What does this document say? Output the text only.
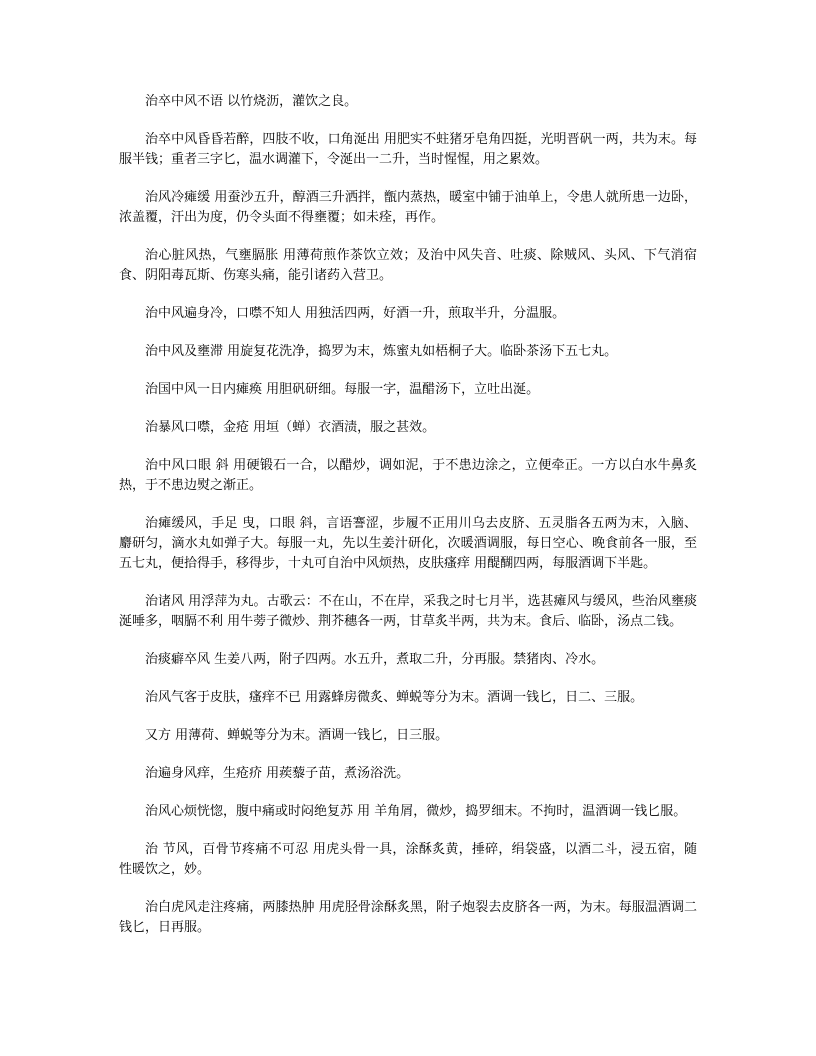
治卒中风不语 以竹烧沥，灌饮之良。

治卒中风昏昏若醉，四肢不收，口角涎出 用肥实不蛀猪牙皂角四挺，光明晋矾一两，共为末。每服半钱；重者三字匕，温水调灌下，令涎出一二升，当时惺惺，用之累效。

治风冷瘫缓 用蚕沙五升，醇酒三升洒拌，甑内蒸热，暖室中铺于油单上，令患人就所患一边卧，浓盖覆，汗出为度，仍令头面不得壅覆；如未痊，再作。

治心脏风热，气壅膈胀 用薄荷煎作茶饮立效；及治中风失音、吐痰、除贼风、头风、下气消宿食、阴阳毒瓦斯、伤寒头痛，能引诸药入营卫。

治中风遍身冷，口噤不知人 用独活四两，好酒一升，煎取半升，分温服。

治中风及壅滞 用旋复花洗净，捣罗为末，炼蜜丸如梧桐子大。临卧茶汤下五七丸。

治国中风一日内瘫痪 用胆矾研细。每服一字，温醋汤下，立吐出涎。

治暴风口噤，金疮 用垣（蝉）衣酒渍，服之甚效。

治中风口眼 斜 用硬锻石一合，以醋炒，调如泥，于不患边涂之，立便牵正。一方以白水牛鼻炙热，于不患边熨之渐正。

治瘫缓风，手足 曳，口眼 斜，言语謇涩，步履不正用川乌去皮脐、五灵脂各五两为末，入脑、麝研匀，滴水丸如弹子大。每服一丸，先以生姜汁研化，次暖酒调服，每日空心、晚食前各一服，至五七丸，便拾得手，移得步，十丸可自治中风烦热，皮肤瘙痒 用醍醐四两，每服酒调下半匙。

治诸风 用浮萍为丸。古歌云：不在山，不在岸，采我之时七月半，选甚瘫风与缓风，些治风壅痰涎唾多，咽膈不利 用牛蒡子微炒、荆芥穗各一两，甘草炙半两，共为末。食后、临卧，汤点二钱。

治痰癖卒风 生姜八两，附子四两。水五升，煮取二升，分再服。禁猪肉、冷水。

治风气客于皮肤，瘙痒不已 用露蜂房微炙、蝉蜕等分为末。酒调一钱匕，日二、三服。

又方 用薄荷、蝉蜕等分为末。酒调一钱匕，日三服。

治遍身风痒，生疮疥 用蒺藜子苗，煮汤浴洗。

治风心烦恍惚，腹中痛或时闷绝复苏 用 羊角屑，微炒，捣罗细末。不拘时，温酒调一钱匕服。

治 节风，百骨节疼痛不可忍 用虎头骨一具，涂酥炙黄，捶碎，绢袋盛，以酒二斗，浸五宿，随性暖饮之，妙。

治白虎风走注疼痛，两膝热肿 用虎胫骨涂酥炙黑，附子炮裂去皮脐各一两，为末。每服温酒调二钱匕，日再服。
